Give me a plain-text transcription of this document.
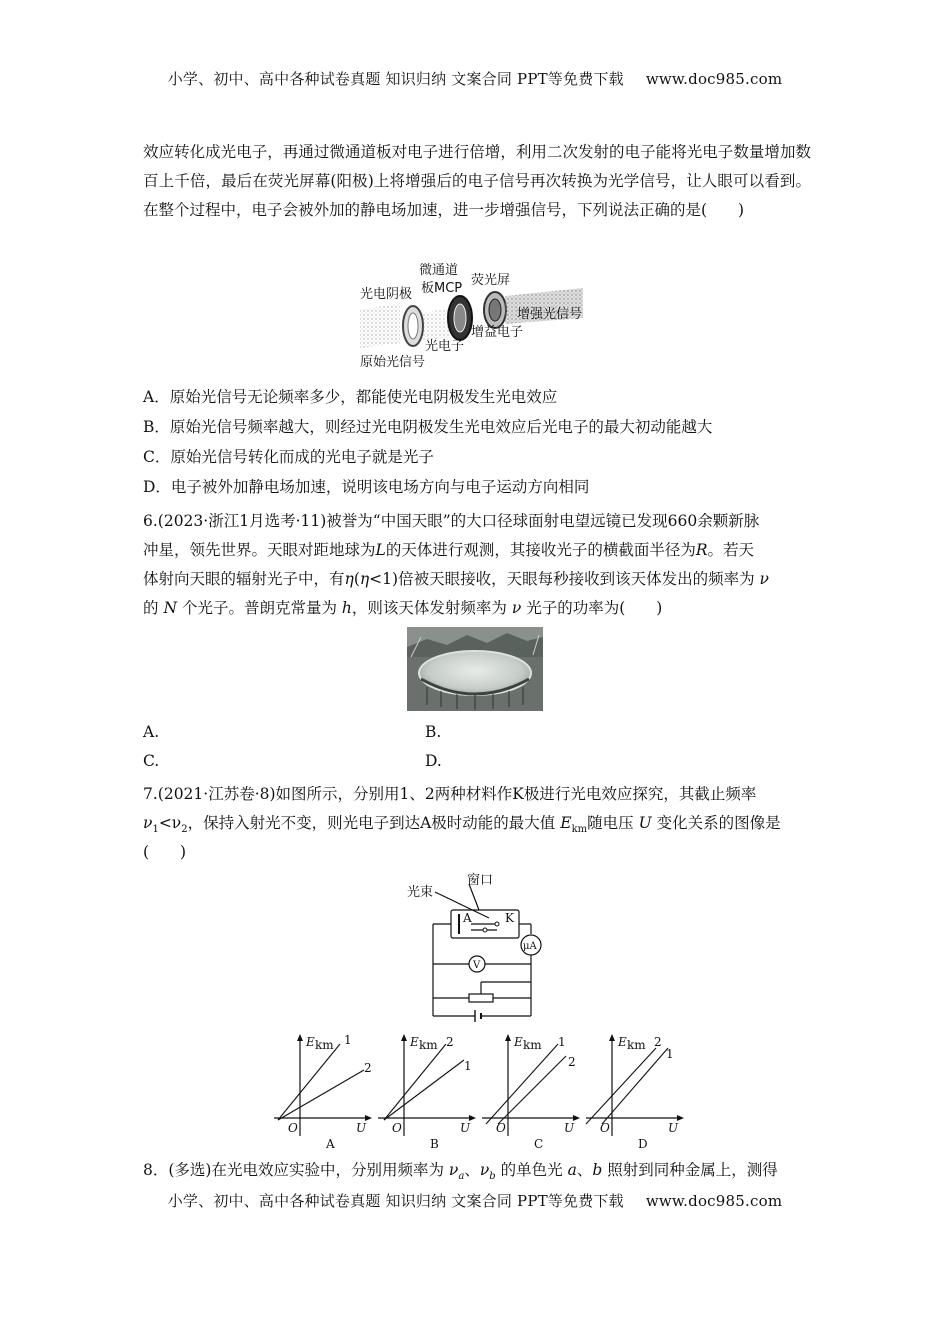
小学、初中、高中各种试卷真题 知识归纳 文案合同 PPT等免费下载 www.doc985.com
效应转化成光电子，再通过微通道板对电子进行倍增，利用二次发射的电子能将光电子数量增加数百上千倍，最后在荧光屏幕(阳极)上将增强后的电子信号再次转换为光学信号，让人眼可以看到。在整个过程中，电子会被外加的静电场加速，进一步增强信号，下列说法正确的是(　　)
微通道
板MCP
荧光屏
光电阴极
增强光信号
增益电子
光电子
原始光信号
A．原始光信号无论频率多少，都能使光电阴极发生光电效应
B．原始光信号频率越大，则经过光电阴极发生光电效应后光电子的最大初动能越大
C．原始光信号转化而成的光电子就是光子
D．电子被外加静电场加速，说明该电场方向与电子运动方向相同
6.(2023·浙江1月选考·11)被誉为“中国天眼”的大口径球面射电望远镜已发现660余颗新脉
冲星，领先世界。天眼对距地球为L的天体进行观测，其接收光子的横截面半径为R。若天
体射向天眼的辐射光子中，有η(η<1)倍被天眼接收，天眼每秒接收到该天体发出的频率为 ν
的 N 个光子。普朗克常量为 h，则该天体发射频率为 ν 光子的功率为(　　)
A.	B.
C.	D.
7.(2021·江苏卷·8)如图所示，分别用1、2两种材料作K极进行光电效应探究，其截止频率
$\nu_1<\nu_2$，保持入射光不变，则光电子到达A极时动能的最大值 $E_{km}$随电压 U 变化关系的图像是
(　　)
光束
窗口
A	K
μA
V
1
2
E km
O	U
A
2
1
E km
O	U
B
1
2
E km
O	U
C
2
1
E km
O	U
D
8．(多选)在光电效应实验中，分别用频率为 $\nu_a$、$\nu_b$ 的单色光 a、b 照射到同种金属上，测得
小学、初中、高中各种试卷真题 知识归纳 文案合同 PPT等免费下载 www.doc985.com
